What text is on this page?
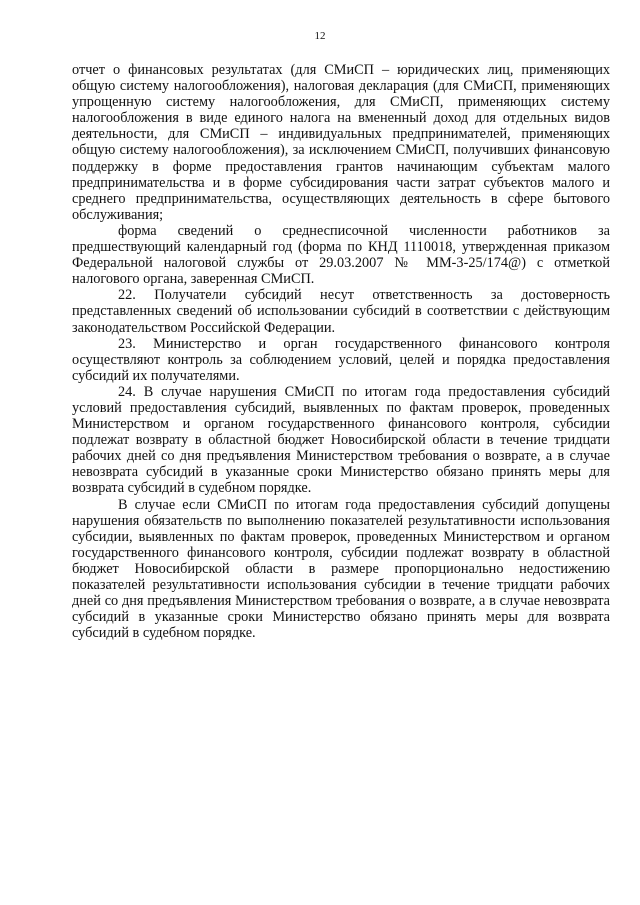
12

отчет о финансовых результатах (для СМиСП – юридических лиц, применяющих общую систему налогообложения), налоговая декларация (для СМиСП, применяющих упрощенную систему налогообложения, для СМиСП, применяющих систему налогообложения в виде единого налога на вмененный доход для отдельных видов деятельности, для СМиСП – индивидуальных предпринимателей, применяющих общую систему налогообложения), за исключением СМиСП, получивших финансовую поддержку в форме предоставления грантов начинающим субъектам малого предпринимательства и в форме субсидирования части затрат субъектов малого и среднего предпринимательства, осуществляющих деятельность в сфере бытового обслуживания;

форма сведений о среднесписочной численности работников за предшествующий календарный год (форма по КНД 1110018, утвержденная приказом Федеральной налоговой службы от 29.03.2007 № ММ-3-25/174@) с отметкой налогового органа, заверенная СМиСП.

22. Получатели субсидий несут ответственность за достоверность представленных сведений об использовании субсидий в соответствии с действующим законодательством Российской Федерации.

23. Министерство и орган государственного финансового контроля осуществляют контроль за соблюдением условий, целей и порядка предоставления субсидий их получателями.

24. В случае нарушения СМиСП по итогам года предоставления субсидий условий предоставления субсидий, выявленных по фактам проверок, проведенных Министерством и органом государственного финансового контроля, субсидии подлежат возврату в областной бюджет Новосибирской области в течение тридцати рабочих дней со дня предъявления Министерством требования о возврате, а в случае невозврата субсидий в указанные сроки Министерство обязано принять меры для возврата субсидий в судебном порядке.

В случае если СМиСП по итогам года предоставления субсидий допущены нарушения обязательств по выполнению показателей результативности использования субсидии, выявленных по фактам проверок, проведенных Министерством и органом государственного финансового контроля, субсидии подлежат возврату в областной бюджет Новосибирской области в размере пропорционально недостижению показателей результативности использования субсидии в течение тридцати рабочих дней со дня предъявления Министерством требования о возврате, а в случае невозврата субсидий в указанные сроки Министерство обязано принять меры для возврата субсидий в судебном порядке.
